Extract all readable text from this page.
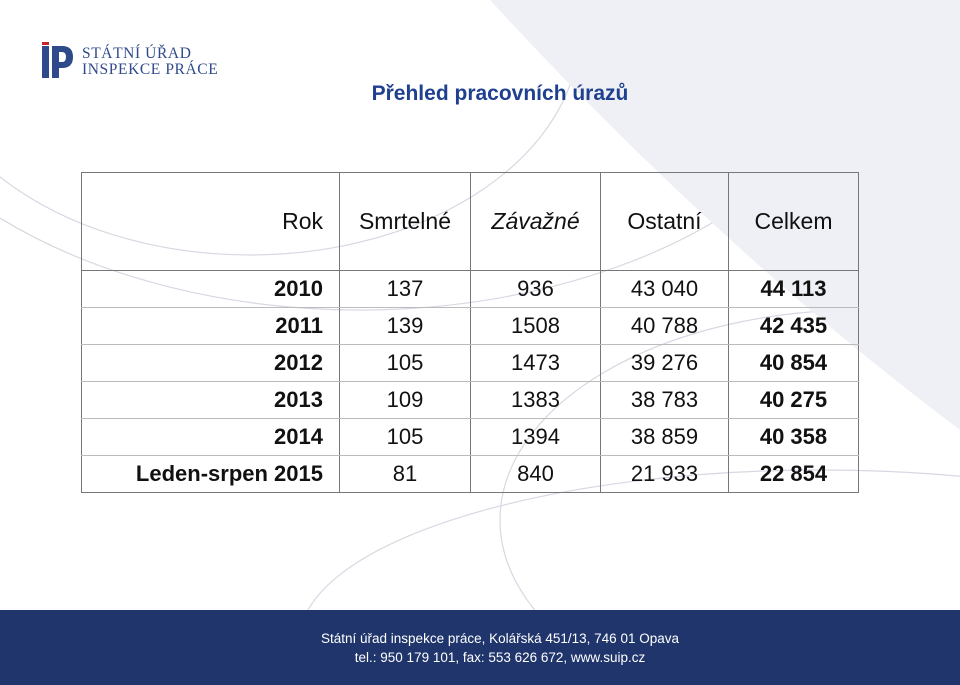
STÁTNÍ ÚŘAD
INSPEKCE PRÁCE
Přehled pracovních úrazů
Rok	Smrtelné	Závažné	Ostatní	Celkem
2010	137	936	43 040	44 113
2011	139	1508	40 788	42 435
2012	105	1473	39 276	40 854
2013	109	1383	38 783	40 275
2014	105	1394	38 859	40 358
Leden-srpen 2015	81	840	21 933	22 854
Státní úřad inspekce práce, Kolářská 451/13, 746 01 Opava
tel.: 950 179 101, fax: 553 626 672, www.suip.cz
